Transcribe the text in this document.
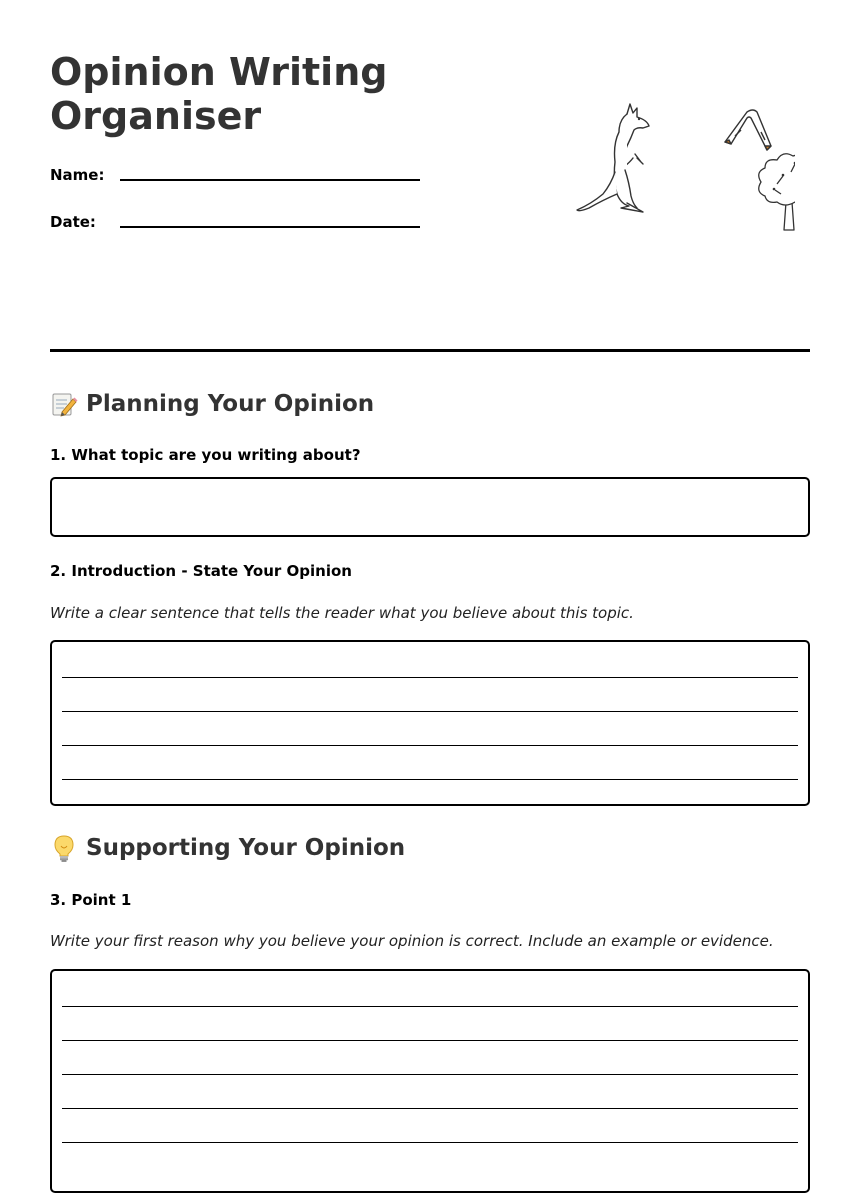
Opinion Writing Organiser
Name:
Date:
Planning Your Opinion
1. What topic are you writing about?
2. Introduction - State Your Opinion
Write a clear sentence that tells the reader what you believe about this topic.
Supporting Your Opinion
3. Point 1
Write your first reason why you believe your opinion is correct. Include an example or evidence.
